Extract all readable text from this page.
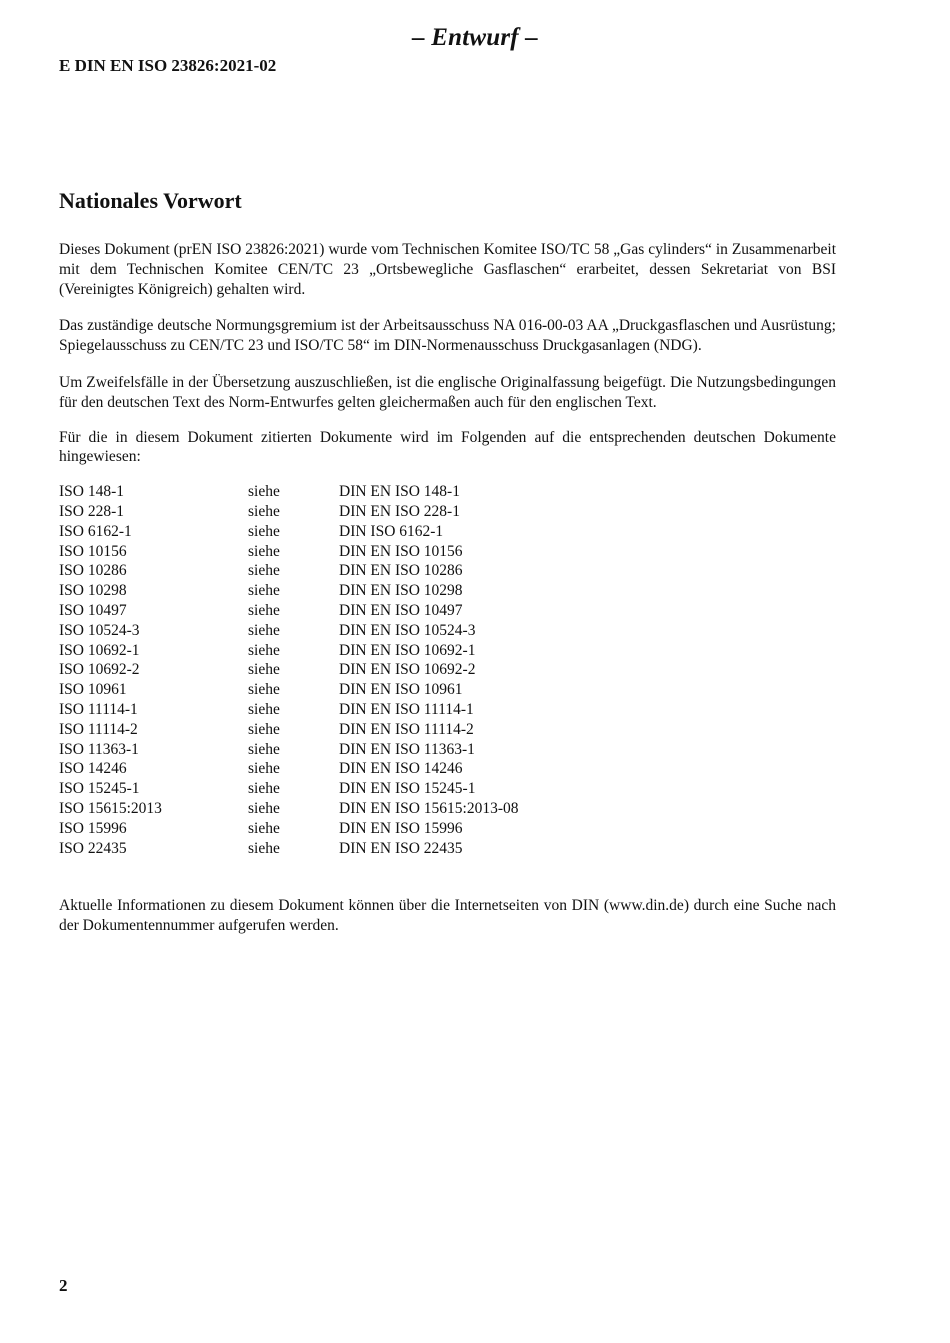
– Entwurf –
E DIN EN ISO 23826:2021-02
Nationales Vorwort

Dieses Dokument (prEN ISO 23826:2021) wurde vom Technischen Komitee ISO/TC 58 „Gas cylinders“ in Zusammenarbeit mit dem Technischen Komitee CEN/TC 23 „Ortsbewegliche Gasflaschen“ erarbeitet, dessen Sekretariat von BSI (Vereinigtes Königreich) gehalten wird.

Das zuständige deutsche Normungsgremium ist der Arbeitsausschuss NA 016-00-03 AA „Druckgasflaschen und Ausrüstung; Spiegelausschuss zu CEN/TC 23 und ISO/TC 58“ im DIN-Normenausschuss Druckgasanlagen (NDG).

Um Zweifelsfälle in der Übersetzung auszuschließen, ist die englische Originalfassung beigefügt. Die Nutzungsbedingungen für den deutschen Text des Norm-Entwurfes gelten gleichermaßen auch für den englischen Text.

Für die in diesem Dokument zitierten Dokumente wird im Folgenden auf die entsprechenden deutschen Dokumente hingewiesen:

ISO 148-1	siehe	DIN EN ISO 148-1
ISO 228-1	siehe	DIN EN ISO 228-1
ISO 6162-1	siehe	DIN ISO 6162-1
ISO 10156	siehe	DIN EN ISO 10156
ISO 10286	siehe	DIN EN ISO 10286
ISO 10298	siehe	DIN EN ISO 10298
ISO 10497	siehe	DIN EN ISO 10497
ISO 10524-3	siehe	DIN EN ISO 10524-3
ISO 10692-1	siehe	DIN EN ISO 10692-1
ISO 10692-2	siehe	DIN EN ISO 10692-2
ISO 10961	siehe	DIN EN ISO 10961
ISO 11114-1	siehe	DIN EN ISO 11114-1
ISO 11114-2	siehe	DIN EN ISO 11114-2
ISO 11363-1	siehe	DIN EN ISO 11363-1
ISO 14246	siehe	DIN EN ISO 14246
ISO 15245-1	siehe	DIN EN ISO 15245-1
ISO 15615:2013	siehe	DIN EN ISO 15615:2013-08
ISO 15996	siehe	DIN EN ISO 15996
ISO 22435	siehe	DIN EN ISO 22435

Aktuelle Informationen zu diesem Dokument können über die Internetseiten von DIN (www.din.de) durch eine Suche nach der Dokumentennummer aufgerufen werden.

2
